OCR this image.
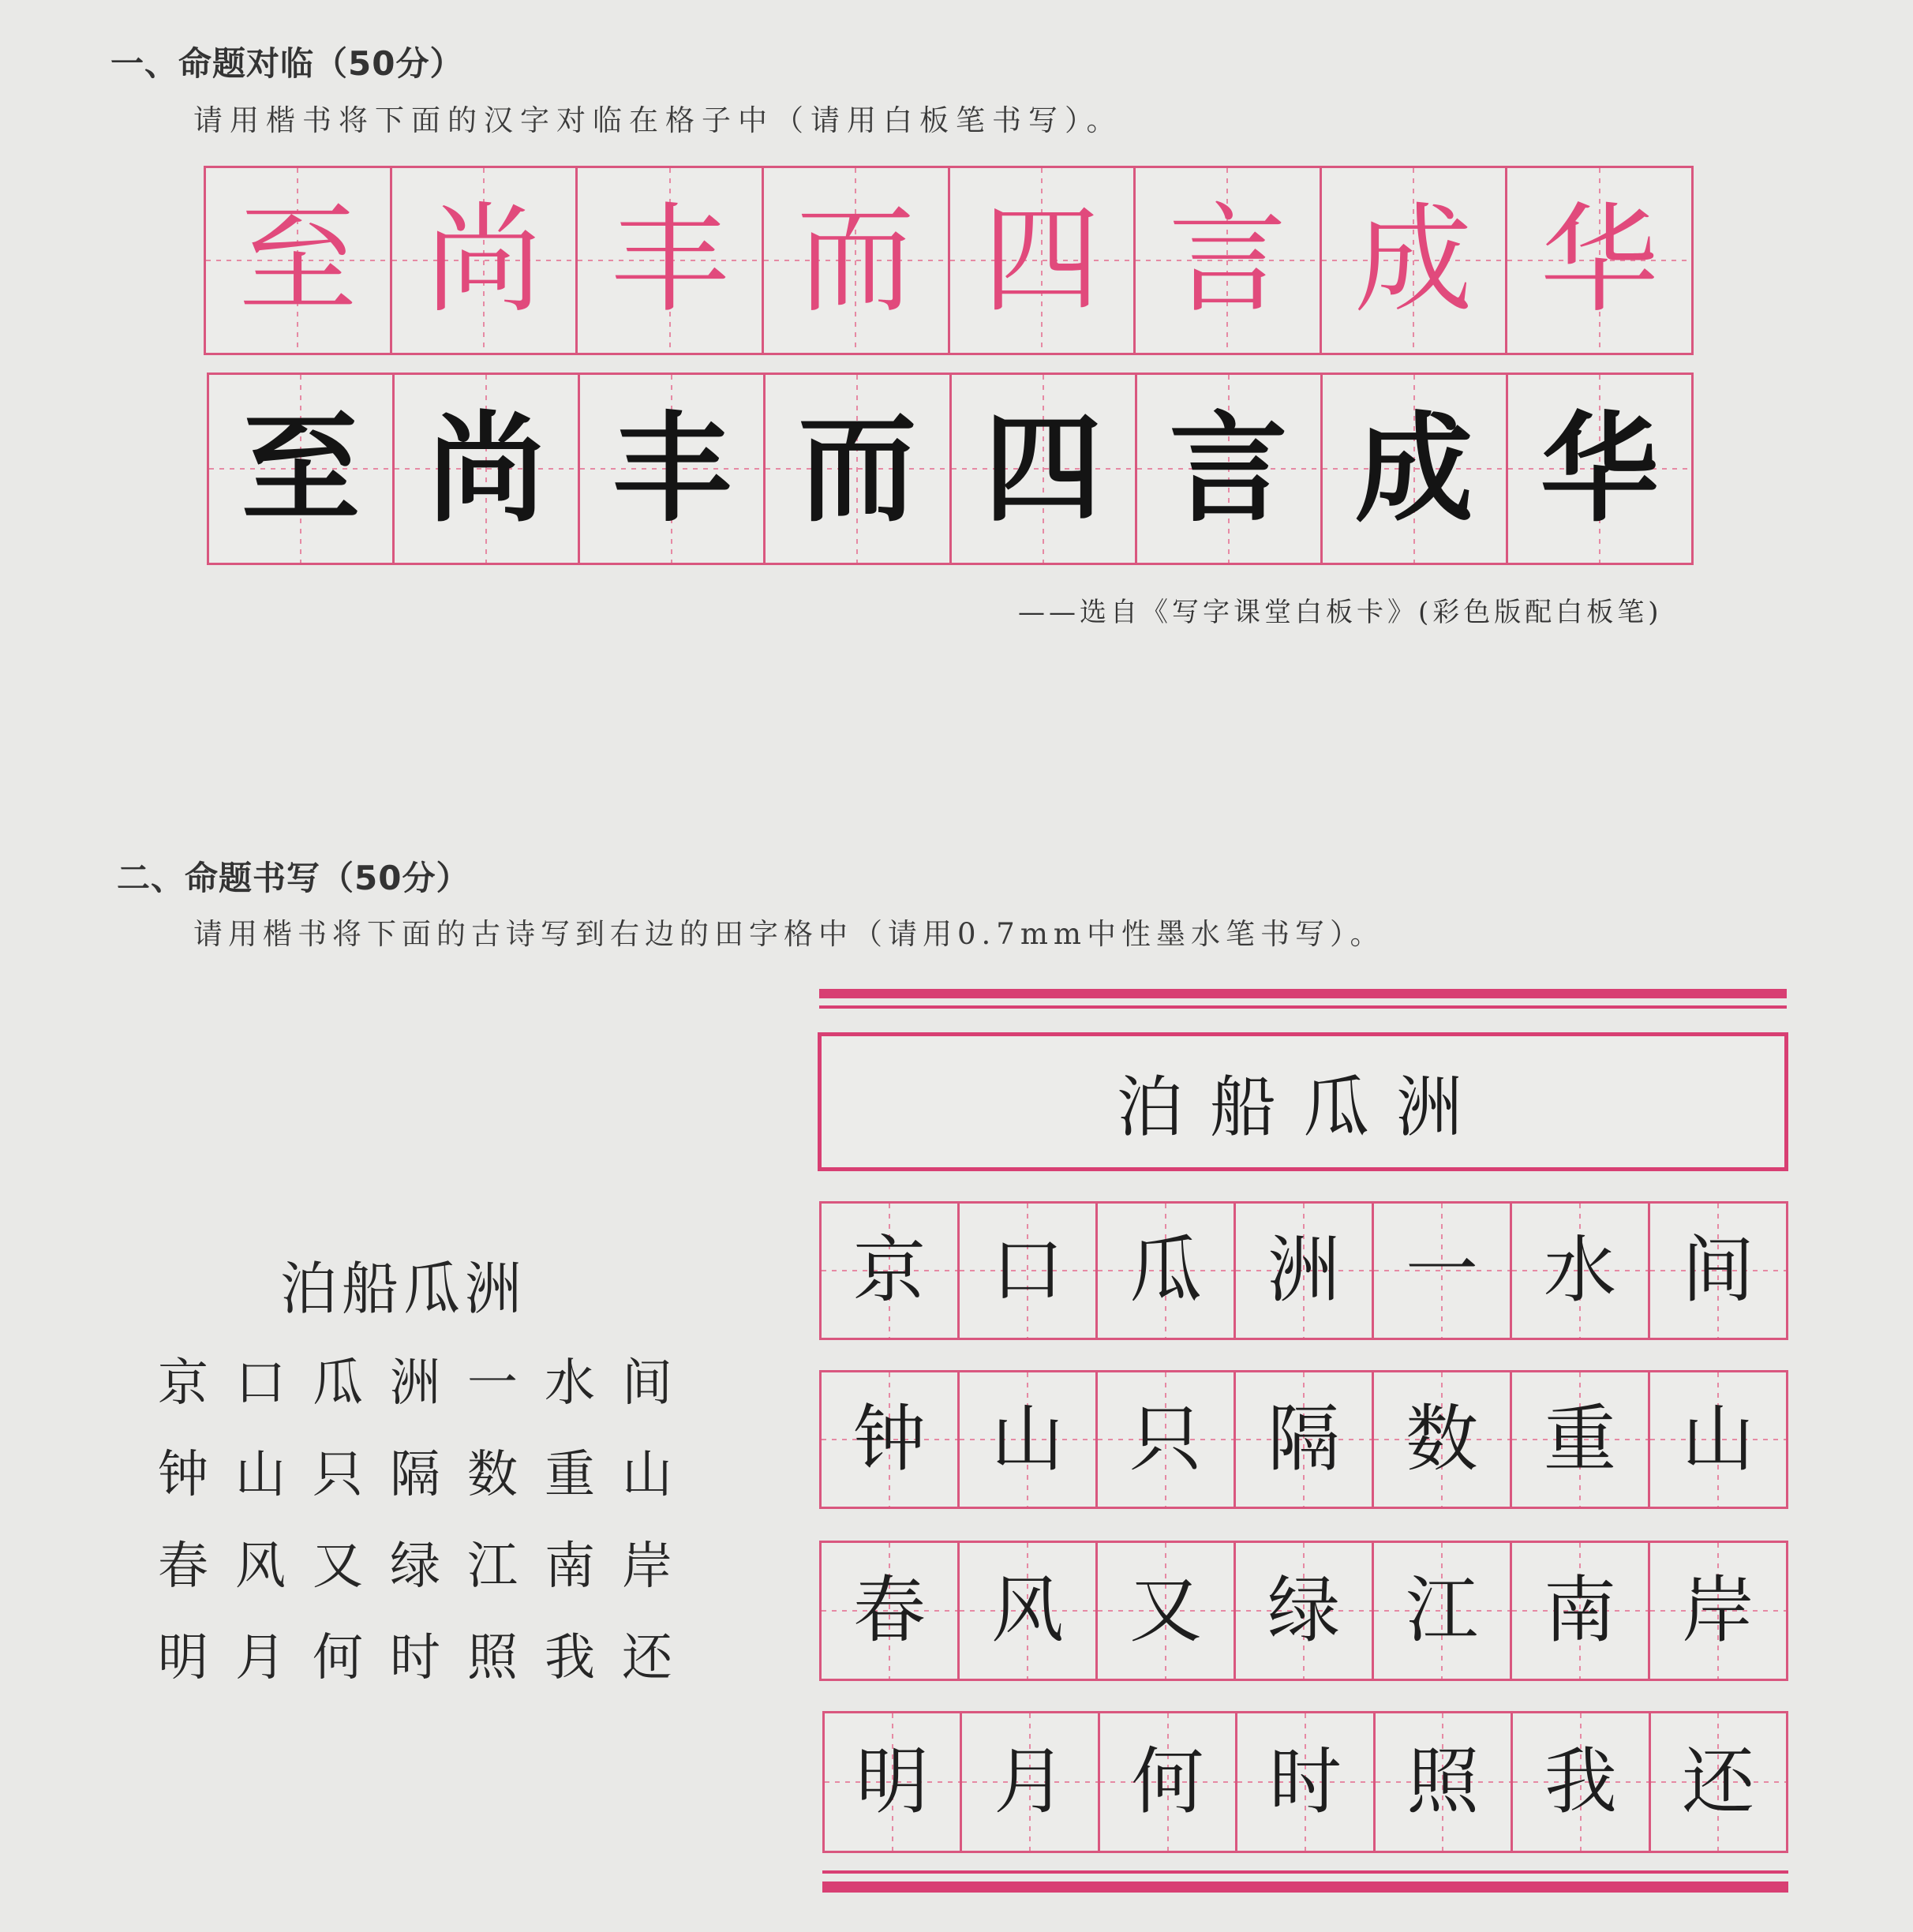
一、命题对临（50分）
请用楷书将下面的汉字对临在格子中（请用白板笔书写）。
至 尚 丰 而 四 言 成 华
至 尚 丰 而 四 言 成 华
——选自《写字课堂白板卡》(彩色版配白板笔)
二、命题书写（50分）
请用楷书将下面的古诗写到右边的田字格中（请用0.7mm中性墨水笔书写）。
泊船瓜洲
京口瓜洲一水间
钟山只隔数重山
春风又绿江南岸
明月何时照我还
泊船瓜洲
京 口 瓜 洲 一 水 间
钟 山 只 隔 数 重 山
春 风 又 绿 江 南 岸
明 月 何 时 照 我 还
